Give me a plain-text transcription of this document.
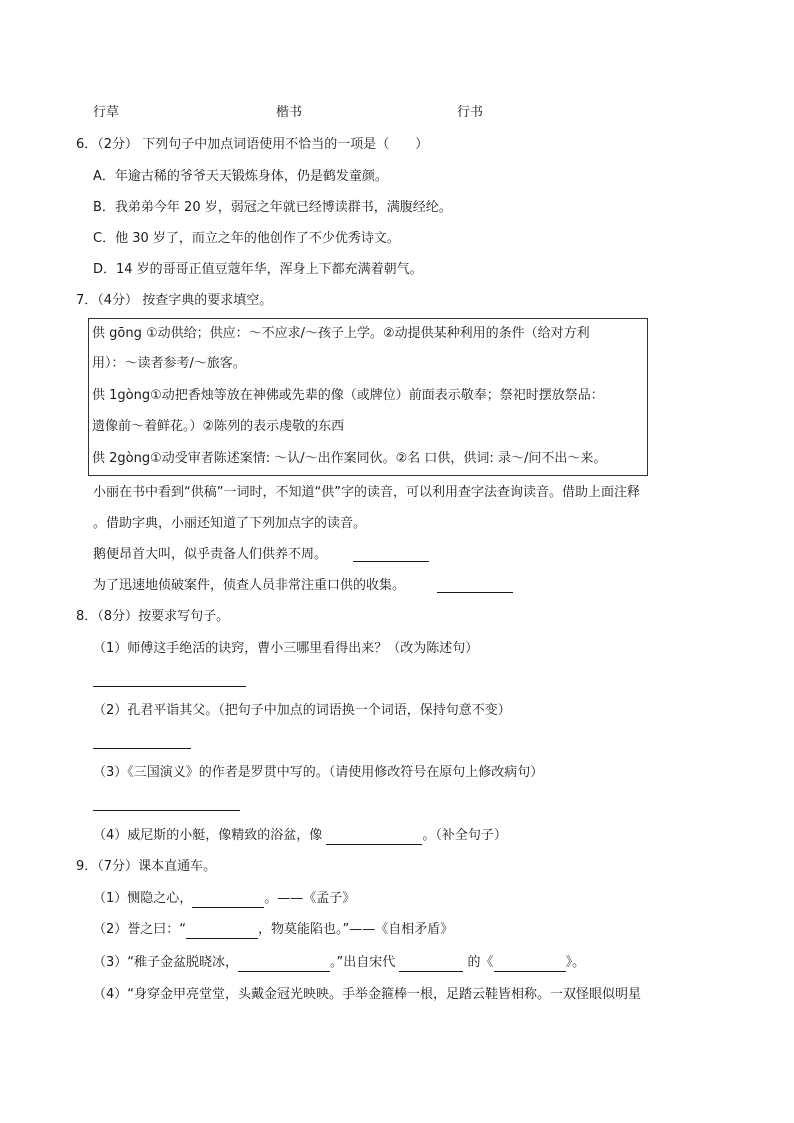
行草	楷书	行书
6．（2分） 下列句子中加点词语使用不恰当的一项是（　　）
A．年逾古稀的爷爷天天锻炼身体，仍是鹤发童颜。
B．我弟弟今年 20 岁，弱冠之年就已经博读群书，满腹经纶。
C．他 30 岁了，而立之年的他创作了不少优秀诗文。
D．14 岁的哥哥正值豆蔻年华，浑身上下都充满着朝气。
7．（4分） 按查字典的要求填空。
供 gōng ①动供给；供应：～不应求/～孩子上学。②动提供某种利用的条件（给对方利
用）：～读者参考/～旅客。
供 1gòng①动把香烛等放在神佛或先辈的像（或牌位）前面表示敬奉；祭祀时摆放祭品：
遗像前～着鲜花。）②陈列的表示虔敬的东西
供 2gòng①动受审者陈述案情: ～认/～出作案同伙。②名 口供，供词: 录～/问不出～来。
小丽在书中看到“供稿”一词时，不知道“供”字的读音，可以利用查字法查询读音。借助上面注释
。借助字典，小丽还知道了下列加点字的读音。
鹅便昂首大叫，似乎责备人们供养不周。
为了迅速地侦破案件，侦查人员非常注重口供的收集。
8．（8分）按要求写句子。
（1）师傅这手绝活的诀窍，曹小三哪里看得出来？（改为陈述句）
（2）孔君平诣其父。（把句子中加点的词语换一个词语，保持句意不变）
（3）《三国演义》的作者是罗贯中写的。（请使用修改符号在原句上修改病句）
（4）威尼斯的小艇，像精致的浴盆，像	。（补全句子）
9．（7分）课本直通车。
（1）恻隐之心，	。——《孟子》
（2）誉之曰：“	，物莫能陷也。”——《自相矛盾》
（3）“稚子金盆脱晓冰，	。”出自宋代	的《	》。
（4）“身穿金甲亮堂堂，头戴金冠光映映。手举金箍棒一根，足踏云鞋皆相称。一双怪眼似明星
